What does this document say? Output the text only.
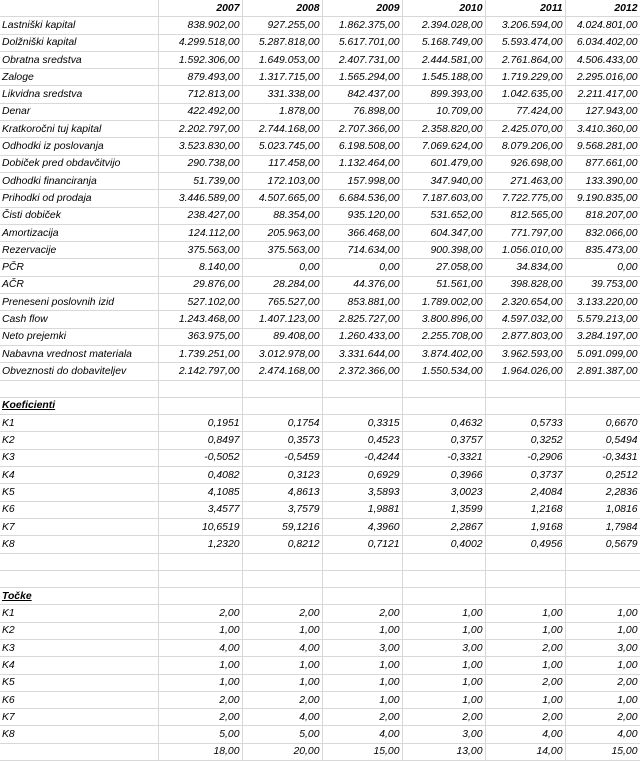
	2007	2008	2009	2010	2011	2012
Lastniški kapital	838.902,00	927.255,00	1.862.375,00	2.394.028,00	3.206.594,00	4.024.801,00
Dolžniški kapital	4.299.518,00	5.287.818,00	5.617.701,00	5.168.749,00	5.593.474,00	6.034.402,00
Obratna sredstva	1.592.306,00	1.649.053,00	2.407.731,00	2.444.581,00	2.761.864,00	4.506.433,00
Zaloge	879.493,00	1.317.715,00	1.565.294,00	1.545.188,00	1.719.229,00	2.295.016,00
Likvidna sredstva	712.813,00	331.338,00	842.437,00	899.393,00	1.042.635,00	2.211.417,00
Denar	422.492,00	1.878,00	76.898,00	10.709,00	77.424,00	127.943,00
Kratkoročni tuj kapital	2.202.797,00	2.744.168,00	2.707.366,00	2.358.820,00	2.425.070,00	3.410.360,00
Odhodki iz poslovanja	3.523.830,00	5.023.745,00	6.198.508,00	7.069.624,00	8.079.206,00	9.568.281,00
Dobiček pred obdavčitvijo	290.738,00	117.458,00	1.132.464,00	601.479,00	926.698,00	877.661,00
Odhodki financiranja	51.739,00	172.103,00	157.998,00	347.940,00	271.463,00	133.390,00
Prihodki od prodaja	3.446.589,00	4.507.665,00	6.684.536,00	7.187.603,00	7.722.775,00	9.190.835,00
Čisti dobiček	238.427,00	88.354,00	935.120,00	531.652,00	812.565,00	818.207,00
Amortizacija	124.112,00	205.963,00	366.468,00	604.347,00	771.797,00	832.066,00
Rezervacije	375.563,00	375.563,00	714.634,00	900.398,00	1.056.010,00	835.473,00
PČR	8.140,00	0,00	0,00	27.058,00	34.834,00	0,00
AČR	29.876,00	28.284,00	44.376,00	51.561,00	398.828,00	39.753,00
Preneseni poslovnih izid	527.102,00	765.527,00	853.881,00	1.789.002,00	2.320.654,00	3.133.220,00
Cash flow	1.243.468,00	1.407.123,00	2.825.727,00	3.800.896,00	4.597.032,00	5.579.213,00
Neto prejemki	363.975,00	89.408,00	1.260.433,00	2.255.708,00	2.877.803,00	3.284.197,00
Nabavna vrednost materiala	1.739.251,00	3.012.978,00	3.331.644,00	3.874.402,00	3.962.593,00	5.091.099,00
Obveznosti do dobaviteljev	2.142.797,00	2.474.168,00	2.372.366,00	1.550.534,00	1.964.026,00	2.891.387,00

Koeficienti						
K1	0,1951	0,1754	0,3315	0,4632	0,5733	0,6670
K2	0,8497	0,3573	0,4523	0,3757	0,3252	0,5494
K3	-0,5052	-0,5459	-0,4244	-0,3321	-0,2906	-0,3431
K4	0,4082	0,3123	0,6929	0,3966	0,3737	0,2512
K5	4,1085	4,8613	3,5893	3,0023	2,4084	2,2836
K6	3,4577	3,7579	1,9881	1,3599	1,2168	1,0816
K7	10,6519	59,1216	4,3960	2,2867	1,9168	1,7984
K8	1,2320	0,8212	0,7121	0,4002	0,4956	0,5679

Točke						
K1	2,00	2,00	2,00	1,00	1,00	1,00
K2	1,00	1,00	1,00	1,00	1,00	1,00
K3	4,00	4,00	3,00	3,00	2,00	3,00
K4	1,00	1,00	1,00	1,00	1,00	1,00
K5	1,00	1,00	1,00	1,00	2,00	2,00
K6	2,00	2,00	1,00	1,00	1,00	1,00
K7	2,00	4,00	2,00	2,00	2,00	2,00
K8	5,00	5,00	4,00	3,00	4,00	4,00
	18,00	20,00	15,00	13,00	14,00	15,00
